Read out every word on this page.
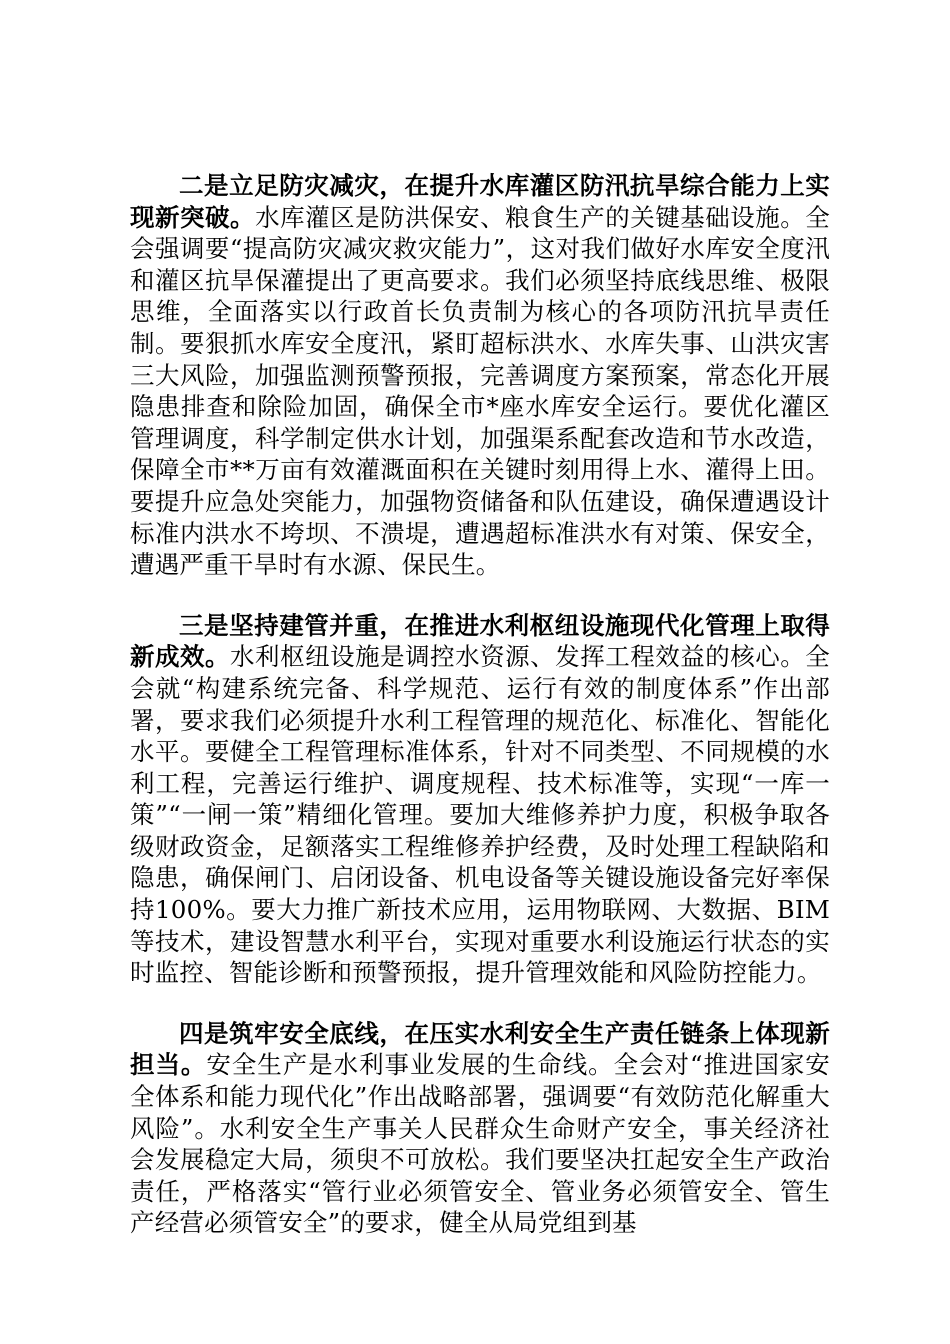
二是立足防灾减灾，在提升水库灌区防汛抗旱综合能力上实现新突破。水库灌区是防洪保安、粮食生产的关键基础设施。全会强调要“提高防灾减灾救灾能力”，这对我们做好水库安全度汛和灌区抗旱保灌提出了更高要求。我们必须坚持底线思维、极限思维，全面落实以行政首长负责制为核心的各项防汛抗旱责任制。要狠抓水库安全度汛，紧盯超标洪水、水库失事、山洪灾害三大风险，加强监测预警预报，完善调度方案预案，常态化开展隐患排查和除险加固，确保全市*座水库安全运行。要优化灌区管理调度，科学制定供水计划，加强渠系配套改造和节水改造，保障全市**万亩有效灌溉面积在关键时刻用得上水、灌得上田。要提升应急处突能力，加强物资储备和队伍建设，确保遭遇设计标准内洪水不垮坝、不溃堤，遭遇超标准洪水有对策、保安全，遭遇严重干旱时有水源、保民生。

三是坚持建管并重，在推进水利枢纽设施现代化管理上取得新成效。水利枢纽设施是调控水资源、发挥工程效益的核心。全会就“构建系统完备、科学规范、运行有效的制度体系”作出部署，要求我们必须提升水利工程管理的规范化、标准化、智能化水平。要健全工程管理标准体系，针对不同类型、不同规模的水利工程，完善运行维护、调度规程、技术标准等，实现“一库一策”“一闸一策”精细化管理。要加大维修养护力度，积极争取各级财政资金，足额落实工程维修养护经费，及时处理工程缺陷和隐患，确保闸门、启闭设备、机电设备等关键设施设备完好率保持100%。要大力推广新技术应用，运用物联网、大数据、BIM等技术，建设智慧水利平台，实现对重要水利设施运行状态的实时监控、智能诊断和预警预报，提升管理效能和风险防控能力。

四是筑牢安全底线，在压实水利安全生产责任链条上体现新担当。安全生产是水利事业发展的生命线。全会对“推进国家安全体系和能力现代化”作出战略部署，强调要“有效防范化解重大风险”。水利安全生产事关人民群众生命财产安全，事关经济社会发展稳定大局，须臾不可放松。我们要坚决扛起安全生产政治责任，严格落实“管行业必须管安全、管业务必须管安全、管生产经营必须管安全”的要求，健全从局党组到基
